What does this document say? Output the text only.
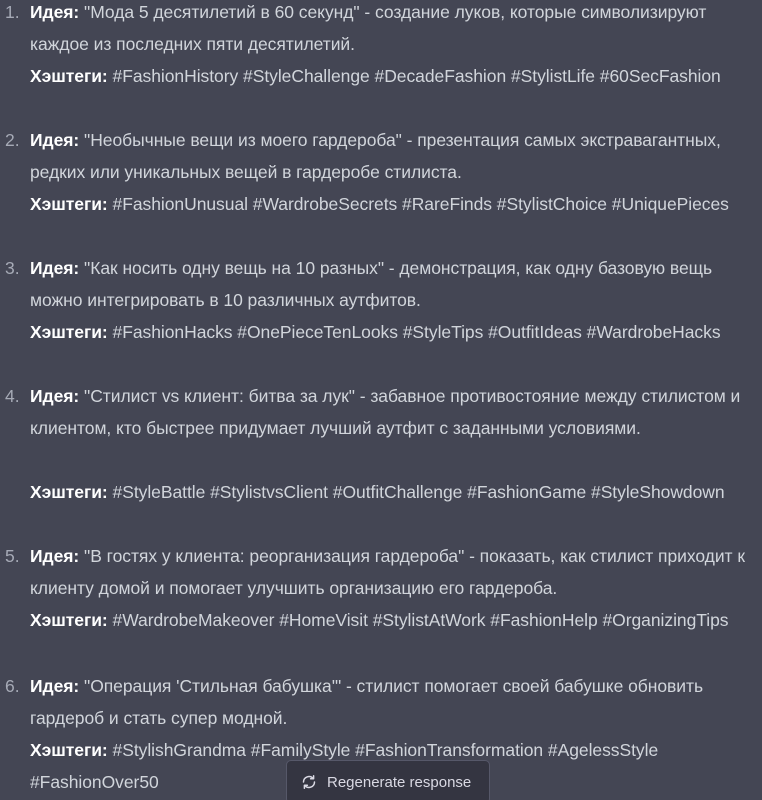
1. Идея: "Мода 5 десятилетий в 60 секунд" - создание луков, которые символизируют каждое из последних пяти десятилетий.
Хэштеги: #FashionHistory #StyleChallenge #DecadeFashion #StylistLife #60SecFashion
2. Идея: "Необычные вещи из моего гардероба" - презентация самых экстравагантных, редких или уникальных вещей в гардеробе стилиста.
Хэштеги: #FashionUnusual #WardrobeSecrets #RareFinds #StylistChoice #UniquePieces
3. Идея: "Как носить одну вещь на 10 разных" - демонстрация, как одну базовую вещь можно интегрировать в 10 различных аутфитов.
Хэштеги: #FashionHacks #OnePieceTenLooks #StyleTips #OutfitIdeas #WardrobeHacks
4. Идея: "Стилист vs клиент: битва за лук" - забавное противостояние между стилистом и клиентом, кто быстрее придумает лучший аутфит с заданными условиями.
Хэштеги: #StyleBattle #StylistvsClient #OutfitChallenge #FashionGame #StyleShowdown
5. Идея: "В гостях у клиента: реорганизация гардероба" - показать, как стилист приходит к клиенту домой и помогает улучшить организацию его гардероба.
Хэштеги: #WardrobeMakeover #HomeVisit #StylistAtWork #FashionHelp #OrganizingTips
6. Идея: "Операция 'Стильная бабушка'" - стилист помогает своей бабушке обновить гардероб и стать супер модной.
Хэштеги: #StylishGrandma #FamilyStyle #FashionTransformation #AgelessStyle #FashionOver50	Regenerate response
